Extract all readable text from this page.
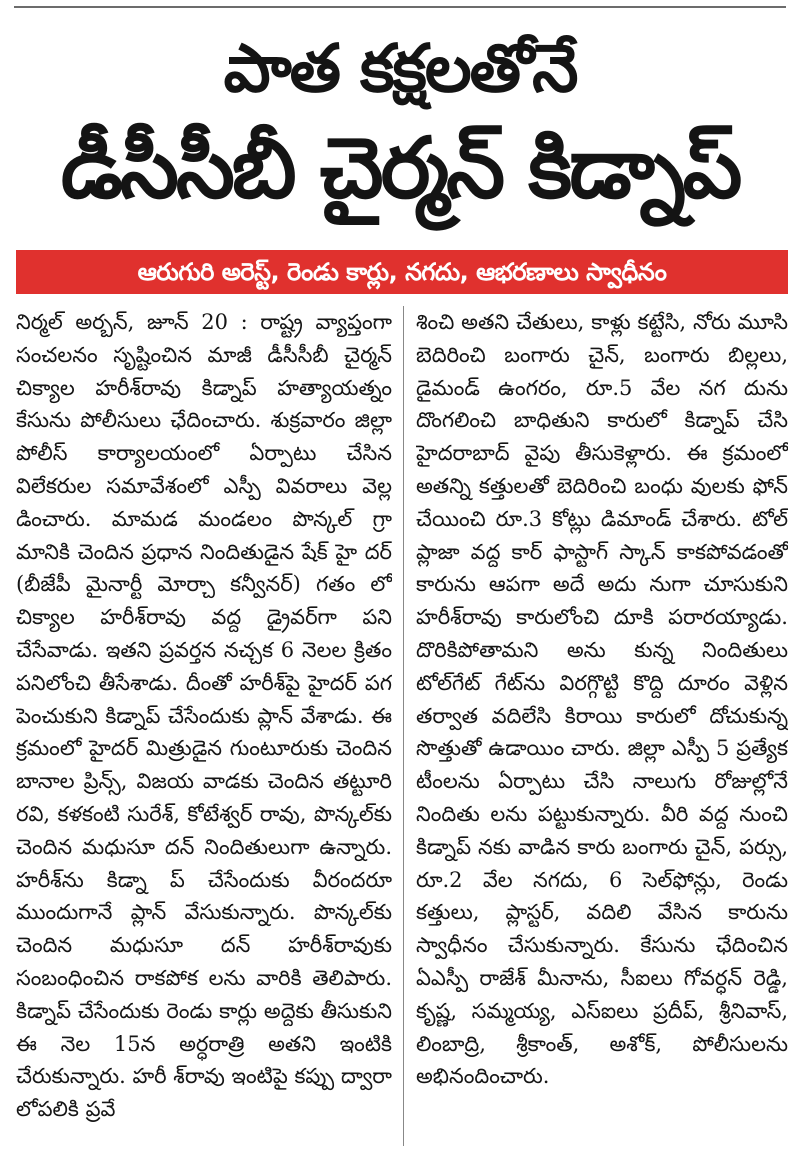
పాత కక్షలతోనే
డీసీసీబీ చైర్మన్ కిడ్నాప్
ఆరుగురి అరెస్ట్, రెండు కార్లు, నగదు, ఆభరణాలు స్వాధీనం

నిర్మల్ అర్బన్, జూన్ 20 : రాష్ట్ర వ్యాప్తంగా సంచలనం సృష్టించిన మాజీ డీసీసీబీ చైర్మన్ చిక్యాల హరీశ్‌రావు కిడ్నాప్ హత్యాయత్నం కేసును పోలీసులు ఛేదించారు. శుక్రవారం జిల్లా పోలీస్ కార్యాలయంలో ఏర్పాటు చేసిన విలేకరుల సమావేశంలో ఎస్పీ వివరాలు వెల్ల డించారు. మామడ మండలం పొన్కల్ గ్రా మానికి చెందిన ప్రధాన నిందితుడైన షేక్ హై దర్ (బీజేపీ మైనార్టీ మోర్చా కన్వీనర్) గతం లో చిక్యాల హరీశ్‌రావు వద్ద డ్రైవర్‌గా పని చేసేవాడు. ఇతని ప్రవర్తన నచ్చక 6 నెలల క్రితం పనిలోంచి తీసేశాడు. దీంతో హరీశ్‌పై హైదర్ పగ పెంచుకుని కిడ్నాప్ చేసేందుకు ప్లాన్ వేశాడు. ఈ క్రమంలో హైదర్ మిత్రుడైన గుంటూరుకు చెందిన బానాల ప్రిన్స్, విజయ వాడకు చెందిన తట్టూరి రవి, కళకంటి సురేశ్, కోటేశ్వర్ రావు, పొన్కల్‌కు చెందిన మధుసూ దన్ నిందితులుగా ఉన్నారు. హరీశ్‌ను కిడ్నా ప్ చేసేందుకు వీరందరూ ముందుగానే ప్లాన్ వేసుకున్నారు. పొన్కల్‌కు చెందిన మధుసూ దన్ హరీశ్‌రావుకు సంబంధించిన రాకపోక లను వారికి తెలిపారు. కిడ్నాప్ చేసేందుకు రెండు కార్లు అద్దెకు తీసుకుని ఈ నెల 15న అర్ధరాత్రి అతని ఇంటికి చేరుకున్నారు. హరీ శ్‌రావు ఇంటిపై కప్పు ద్వారా లోపలికి ప్రవే

శించి అతని చేతులు, కాళ్లు కట్టేసి, నోరు మూసి బెదిరించి బంగారు చైన్, బంగారు బిల్లలు, డైమండ్ ఉంగరం, రూ.5 వేల నగ దును దొంగలించి బాధితుని కారులో కిడ్నాప్ చేసి హైదరాబాద్ వైపు తీసుకెళ్లారు. ఈ క్రమంలో అతన్ని కత్తులతో బెదిరించి బంధు వులకు ఫోన్ చేయించి రూ.3 కోట్లు డిమాండ్ చేశారు. టోల్ ప్లాజా వద్ద కార్ ఫాస్టాగ్ స్కాన్ కాకపోవడంతో కారును ఆపగా అదే అదు నుగా చూసుకుని హరీశ్‌రావు కారులోంచి దూకి పరారయ్యాడు. దొరికిపోతామని అను కున్న నిందితులు టోల్‌గేట్ గేట్‌ను విరగ్గొట్టి కొద్ది దూరం వెళ్లిన తర్వాత వదిలేసి కిరాయి కారులో దోచుకున్న సొత్తుతో ఉడాయిం చారు. జిల్లా ఎస్పీ 5 ప్రత్యేక టీంలను ఏర్పాటు చేసి నాలుగు రోజుల్లోనే నిందితు లను పట్టుకున్నారు. వీరి వద్ద నుంచి కిడ్నాప్ నకు వాడిన కారు బంగారు చైన్, పర్సు, రూ.2 వేల నగదు, 6 సెల్‌ఫోన్లు, రెండు కత్తులు, ప్లాస్టర్, వదిలి వేసిన కారును స్వాధీనం చేసుకున్నారు. కేసును ఛేదించిన ఏఎస్పీ రాజేశ్ మీనాను, సీఐలు గోవర్ధన్ రెడ్డి, కృష్ణ, సమ్మయ్య, ఎస్ఐలు ప్రదీప్, శ్రీనివాస్, లింబాద్రి, శ్రీకాంత్, అశోక్, పోలీసులను అభినందించారు.
